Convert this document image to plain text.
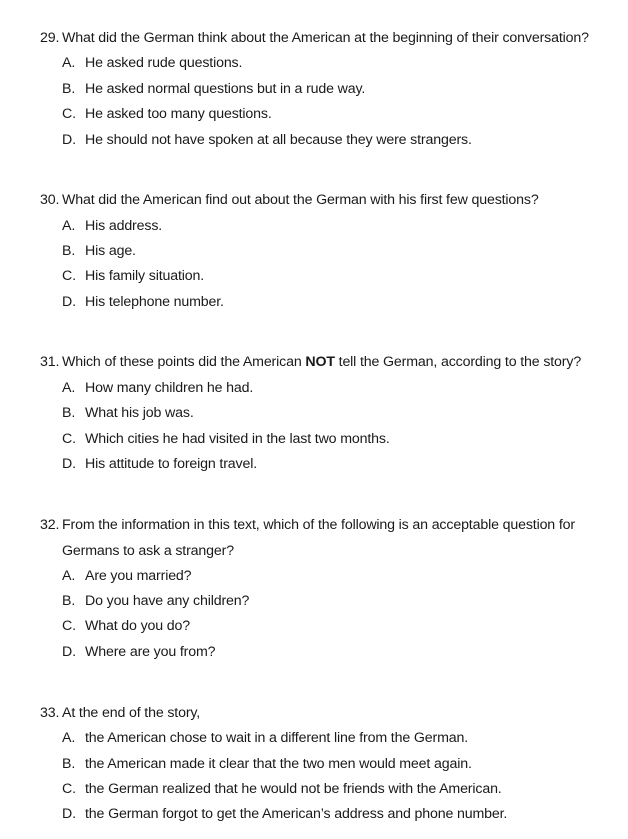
29. What did the German think about the American at the beginning of their conversation?
A. He asked rude questions.
B. He asked normal questions but in a rude way.
C. He asked too many questions.
D. He should not have spoken at all because they were strangers.
30. What did the American find out about the German with his first few questions?
A. His address.
B. His age.
C. His family situation.
D. His telephone number.
31. Which of these points did the American NOT tell the German, according to the story?
A. How many children he had.
B. What his job was.
C. Which cities he had visited in the last two months.
D. His attitude to foreign travel.
32. From the information in this text, which of the following is an acceptable question for
Germans to ask a stranger?
A. Are you married?
B. Do you have any children?
C. What do you do?
D. Where are you from?
33. At the end of the story,
A. the American chose to wait in a different line from the German.
B. the American made it clear that the two men would meet again.
C. the German realized that he would not be friends with the American.
D. the German forgot to get the American’s address and phone number.
